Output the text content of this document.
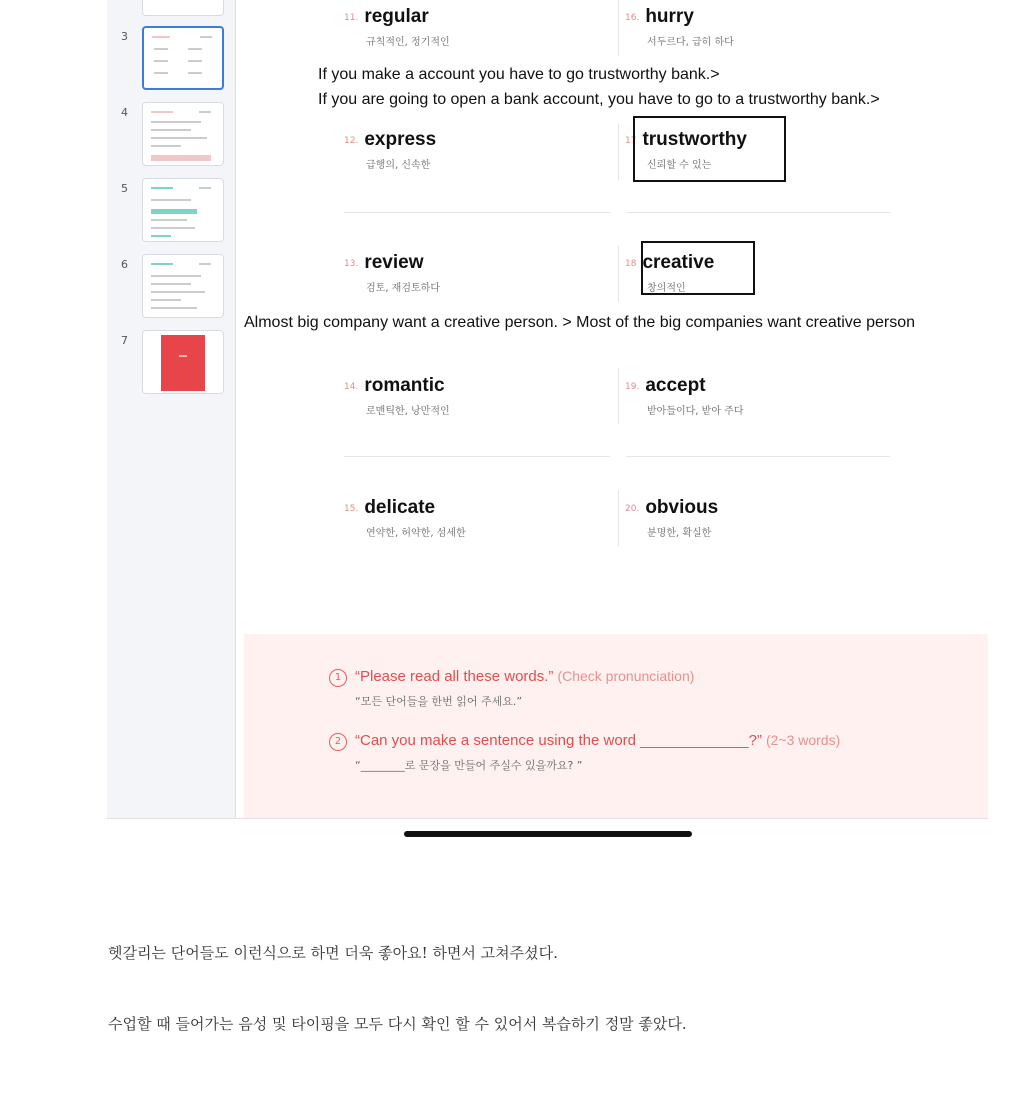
3
4
5
6
7
11. regular
규칙적인, 정기적인
16. hurry
서두르다, 급히 하다
If you make a account you have to go trustworthy bank.>
If you are going to open a bank account, you have to go to a trustworthy bank.>
12. express
급행의, 신속한
17 trustworthy
신뢰할 수 있는
13. review
검토, 재검토하다
18 creative
창의적인
Almost big company want a creative person. > Most of the big companies want creative person
14. romantic
로맨틱한, 낭만적인
19. accept
받아들이다, 받아 주다
15. delicate
연약한, 허약한, 섬세한
20. obvious
분명한, 확실한
1 “Please read all these words.” (Check pronunciation)
“모든 단어들을 한번 읽어 주세요.”
2 “Can you make a sentence using the word _____________?” (2~3 words)
“________로 문장을 만들어 주실수 있을까요? ”
헷갈리는 단어들도 이런식으로 하면 더욱 좋아요! 하면서 고쳐주셨다.
수업할 때 들어가는 음성 및 타이핑을 모두 다시 확인 할 수 있어서 복습하기 정말 좋았다.
